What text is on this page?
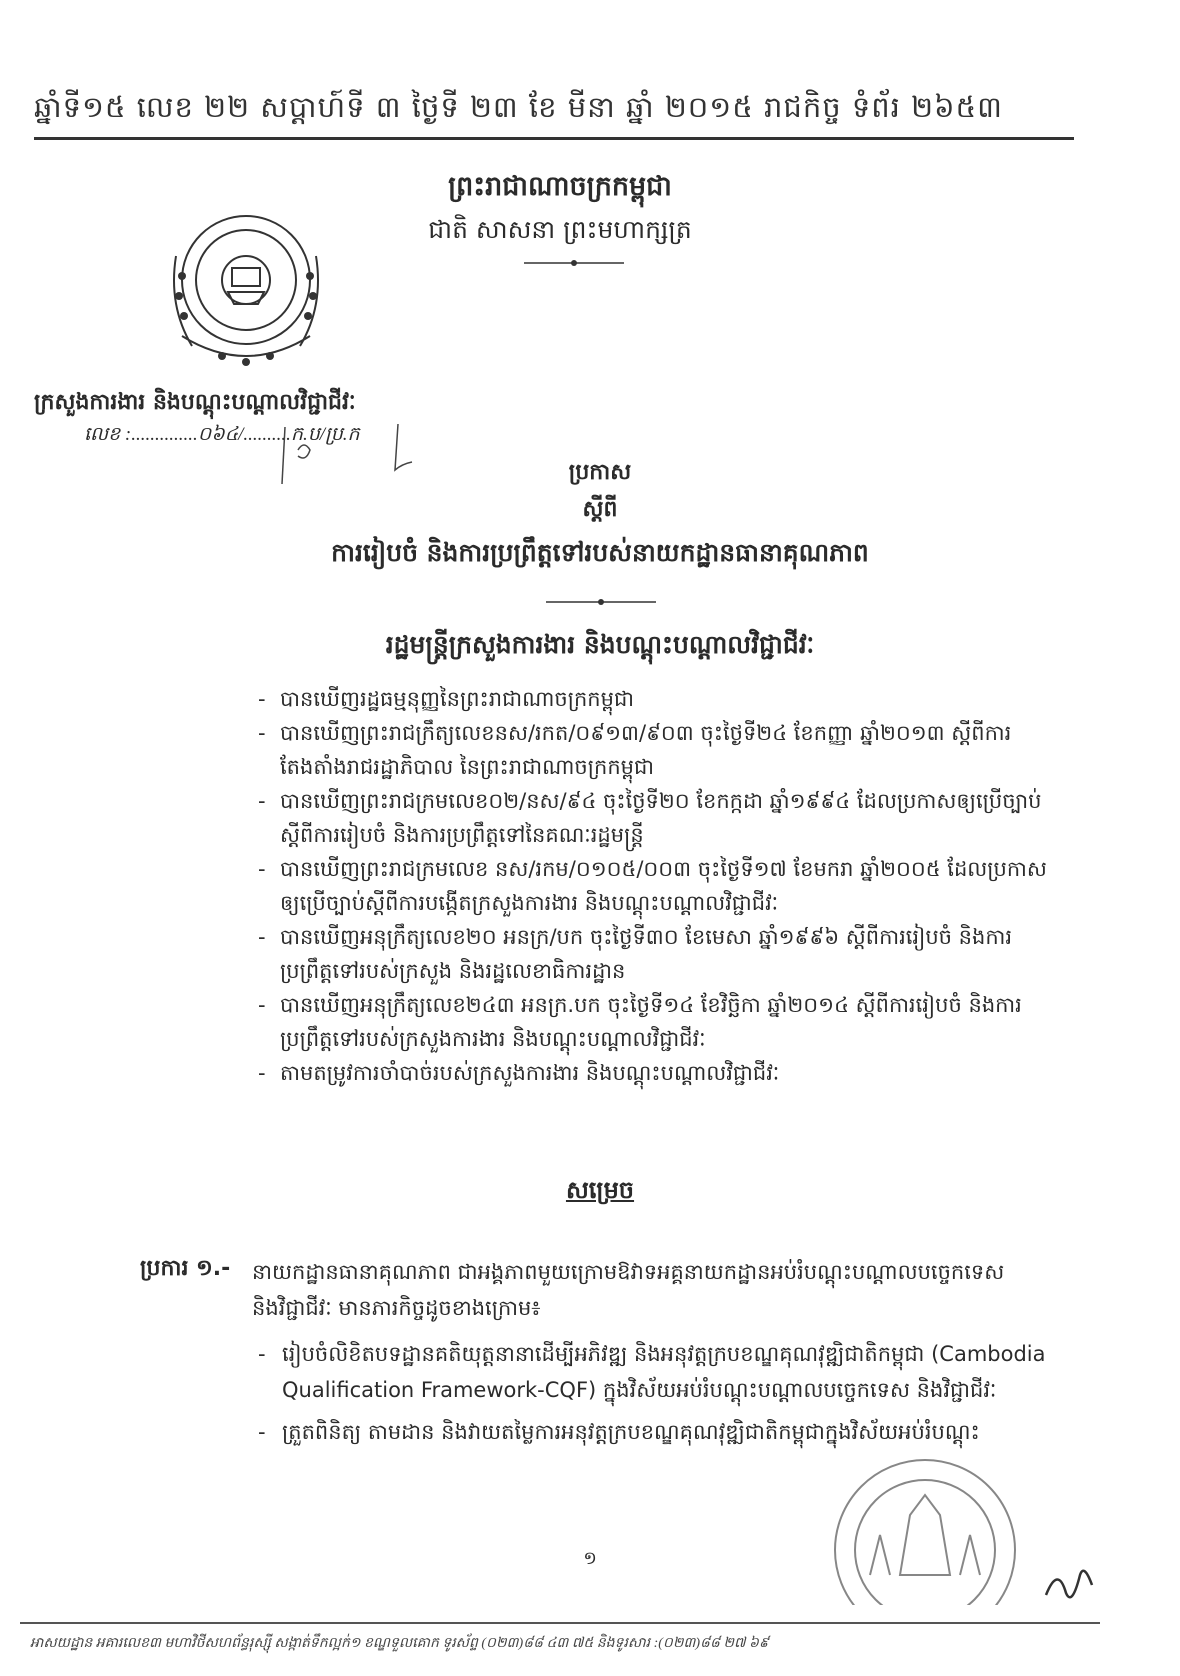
ឆ្នាំទី១៥ លេខ ២២ សប្តាហ៍ទី ៣ ថ្ងៃទី ២៣ ខែ មីនា ឆ្នាំ ២០១៥ រាជកិច្ច ទំព័រ ២៦៥៣
ព្រះរាជាណាចក្រកម្ពុជា
ជាតិ សាសនា ព្រះមហាក្សត្រ
ក្រសួងការងារ និងបណ្តុះបណ្តាលវិជ្ជាជីវៈ
លេខ :..............០៦៤/..........ក.ប/ប្រ.ក
ប្រកាស
ស្តីពី
ការរៀបចំ និងការប្រព្រឹត្តទៅរបស់នាយកដ្ឋានធានាគុណភាព
រដ្ឋមន្ត្រីក្រសួងការងារ និងបណ្តុះបណ្តាលវិជ្ជាជីវៈ
- បានឃើញរដ្ឋធម្មនុញ្ញនៃព្រះរាជាណាចក្រកម្ពុជា
- បានឃើញព្រះរាជក្រឹត្យលេខនស/រកត/០៩១៣/៩០៣ ចុះថ្ងៃទី២៤ ខែកញ្ញា ឆ្នាំ២០១៣ ស្តីពីការតែងតាំងរាជរដ្ឋាភិបាល នៃព្រះរាជាណាចក្រកម្ពុជា
- បានឃើញព្រះរាជក្រមលេខ០២/នស/៩៤ ចុះថ្ងៃទី២០ ខែកក្កដា ឆ្នាំ១៩៩៤ ដែលប្រកាសឲ្យប្រើច្បាប់ស្តីពីការរៀបចំ និងការប្រព្រឹត្តទៅនៃគណៈរដ្ឋមន្ត្រី
- បានឃើញព្រះរាជក្រមលេខ នស/រកម/០១០៥/០០៣ ចុះថ្ងៃទី១៧ ខែមករា ឆ្នាំ២០០៥ ដែលប្រកាសឲ្យប្រើច្បាប់ស្តីពីការបង្កើតក្រសួងការងារ និងបណ្តុះបណ្តាលវិជ្ជាជីវៈ
- បានឃើញអនុក្រឹត្យលេខ២០ អនក្រ/បក ចុះថ្ងៃទី៣០ ខែមេសា ឆ្នាំ១៩៩៦ ស្តីពីការរៀបចំ និងការប្រព្រឹត្តទៅរបស់ក្រសួង និងរដ្ឋលេខាធិការដ្ឋាន
- បានឃើញអនុក្រឹត្យលេខ២៤៣ អនក្រ.បក ចុះថ្ងៃទី១៤ ខែវិច្ឆិកា ឆ្នាំ២០១៤ ស្តីពីការរៀបចំ និងការប្រព្រឹត្តទៅរបស់ក្រសួងការងារ និងបណ្តុះបណ្តាលវិជ្ជាជីវៈ
- តាមតម្រូវការចាំបាច់របស់ក្រសួងការងារ និងបណ្តុះបណ្តាលវិជ្ជាជីវៈ
សម្រេច
ប្រការ ១.- នាយកដ្ឋានធានាគុណភាព ជាអង្គភាពមួយក្រោមឱវាទអគ្គនាយកដ្ឋានអប់រំបណ្តុះបណ្តាលបច្ចេកទេស និងវិជ្ជាជីវៈ មានភារកិច្ចដូចខាងក្រោម៖
- រៀបចំលិខិតបទដ្ឋានគតិយុត្តនានាដើម្បីអភិវឌ្ឍ និងអនុវត្តក្របខណ្ឌគុណវុឌ្ឍិជាតិកម្ពុជា (Cambodia Qualification Framework-CQF) ក្នុងវិស័យអប់រំបណ្តុះបណ្តាលបច្ចេកទេស និងវិជ្ជាជីវៈ
- ត្រួតពិនិត្យ តាមដាន និងវាយតម្លៃការអនុវត្តក្របខណ្ឌគុណវុឌ្ឍិជាតិកម្ពុជាក្នុងវិស័យអប់រំបណ្តុះ
១
អាសយដ្ឋាន អគារលេខ៣ មហាវិថីសហព័ន្ធរុស្ស៊ី សង្កាត់ទឹកល្អក់១ ខណ្ឌទួលគោក ទូរស័ព្ទ (០២៣)៨៨ ៤៣ ៧៥ និងទូរសារ :(០២៣)៨៨ ២៧ ៦៩
